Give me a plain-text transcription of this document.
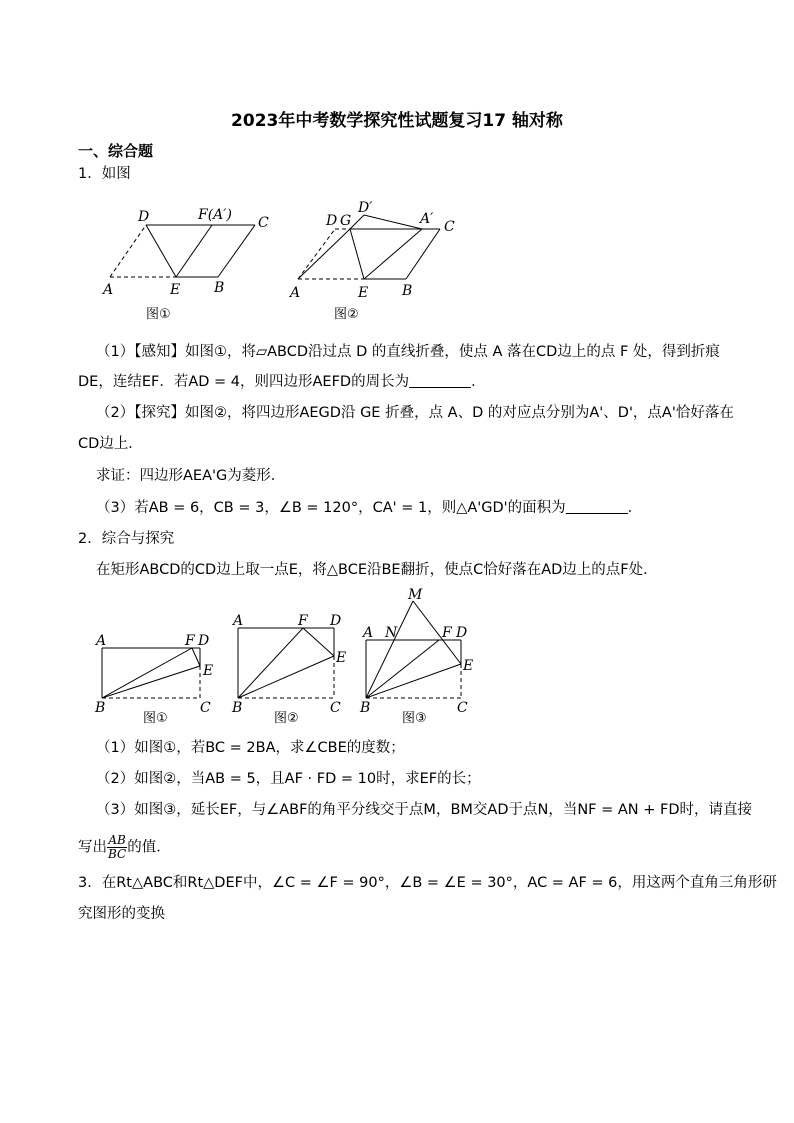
2023年中考数学探究性试题复习17 轴对称
一、综合题
1．如图
D	F(A′) C
A	E B
图①
D G
D′
A′ C
A	E B
图②
（1）【感知】如图①，将▱ABCD沿过点 D 的直线折叠，使点 A 落在CD边上的点 F 处，得到折痕
DE，连结EF．若AD = 4，则四边形AEFD的周长为	．
（2）【探究】如图②，将四边形AEGD沿 GE 折叠，点 A、D 的对应点分别为A'、D'，点A'恰好落在
CD边上．
求证：四边形AEA'G为菱形．
（3）若AB = 6，CB = 3，∠B = 120°，CA' = 1，则△A'GD'的面积为	．
2．综合与探究
在矩形ABCD的CD边上取一点E，将△BCE沿BE翻折，使点C恰好落在AD边上的点F处．
A	F D
E
B	C
图①
A	F D
E
B	C
图②
M
A N	F D
E
B	C
图③
（1）如图①，若BC = 2BA，求∠CBE的度数；
（2）如图②，当AB = 5，且AF · FD = 10时，求EF的长；
（3）如图③，延长EF，与∠ABF的角平分线交于点M，BM交AD于点N，当NF = AN + FD时，请直接
写出 $\frac{AB}{BC}$ 的值．
3．在Rt△ABC和Rt△DEF中，∠C = ∠F = 90°，∠B = ∠E = 30°，AC = AF = 6，用这两个直角三角形研
究图形的变换
